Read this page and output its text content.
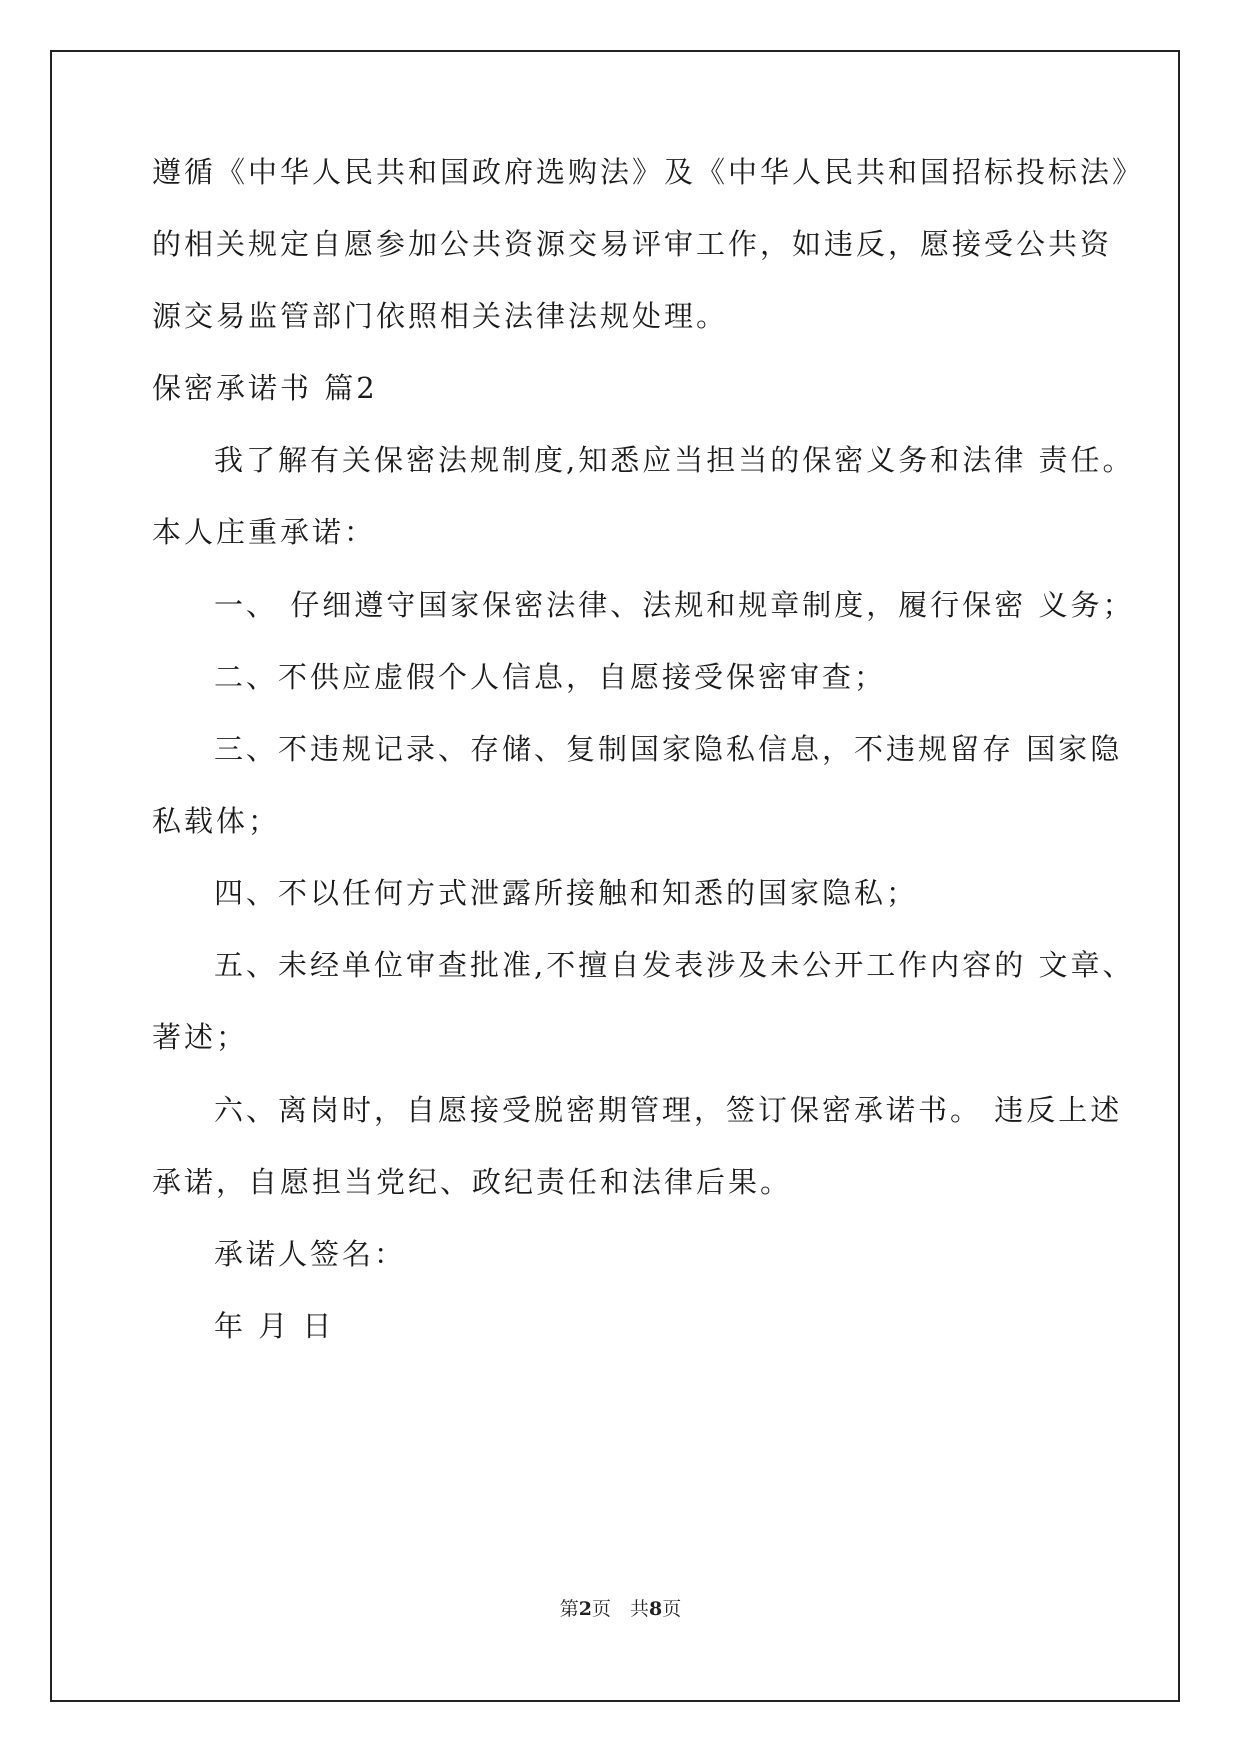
遵循《中华人民共和国政府选购法》及《中华人民共和国招标投标法》
的相关规定自愿参加公共资源交易评审工作，如违反，愿接受公共资
源交易监管部门依照相关法律法规处理。
保密承诺书 篇2
我了解有关保密法规制度,知悉应当担当的保密义务和法律 责任。
本人庄重承诺：
一、 仔细遵守国家保密法律、法规和规章制度，履行保密 义务；
二、不供应虚假个人信息，自愿接受保密审查；
三、不违规记录、存储、复制国家隐私信息，不违规留存 国家隐
私载体；
四、不以任何方式泄露所接触和知悉的国家隐私；
五、未经单位审查批准,不擅自发表涉及未公开工作内容的 文章、
著述；
六、离岗时，自愿接受脱密期管理，签订保密承诺书。 违反上述
承诺，自愿担当党纪、政纪责任和法律后果。
承诺人签名：
年 月 日
第2页　共8页
